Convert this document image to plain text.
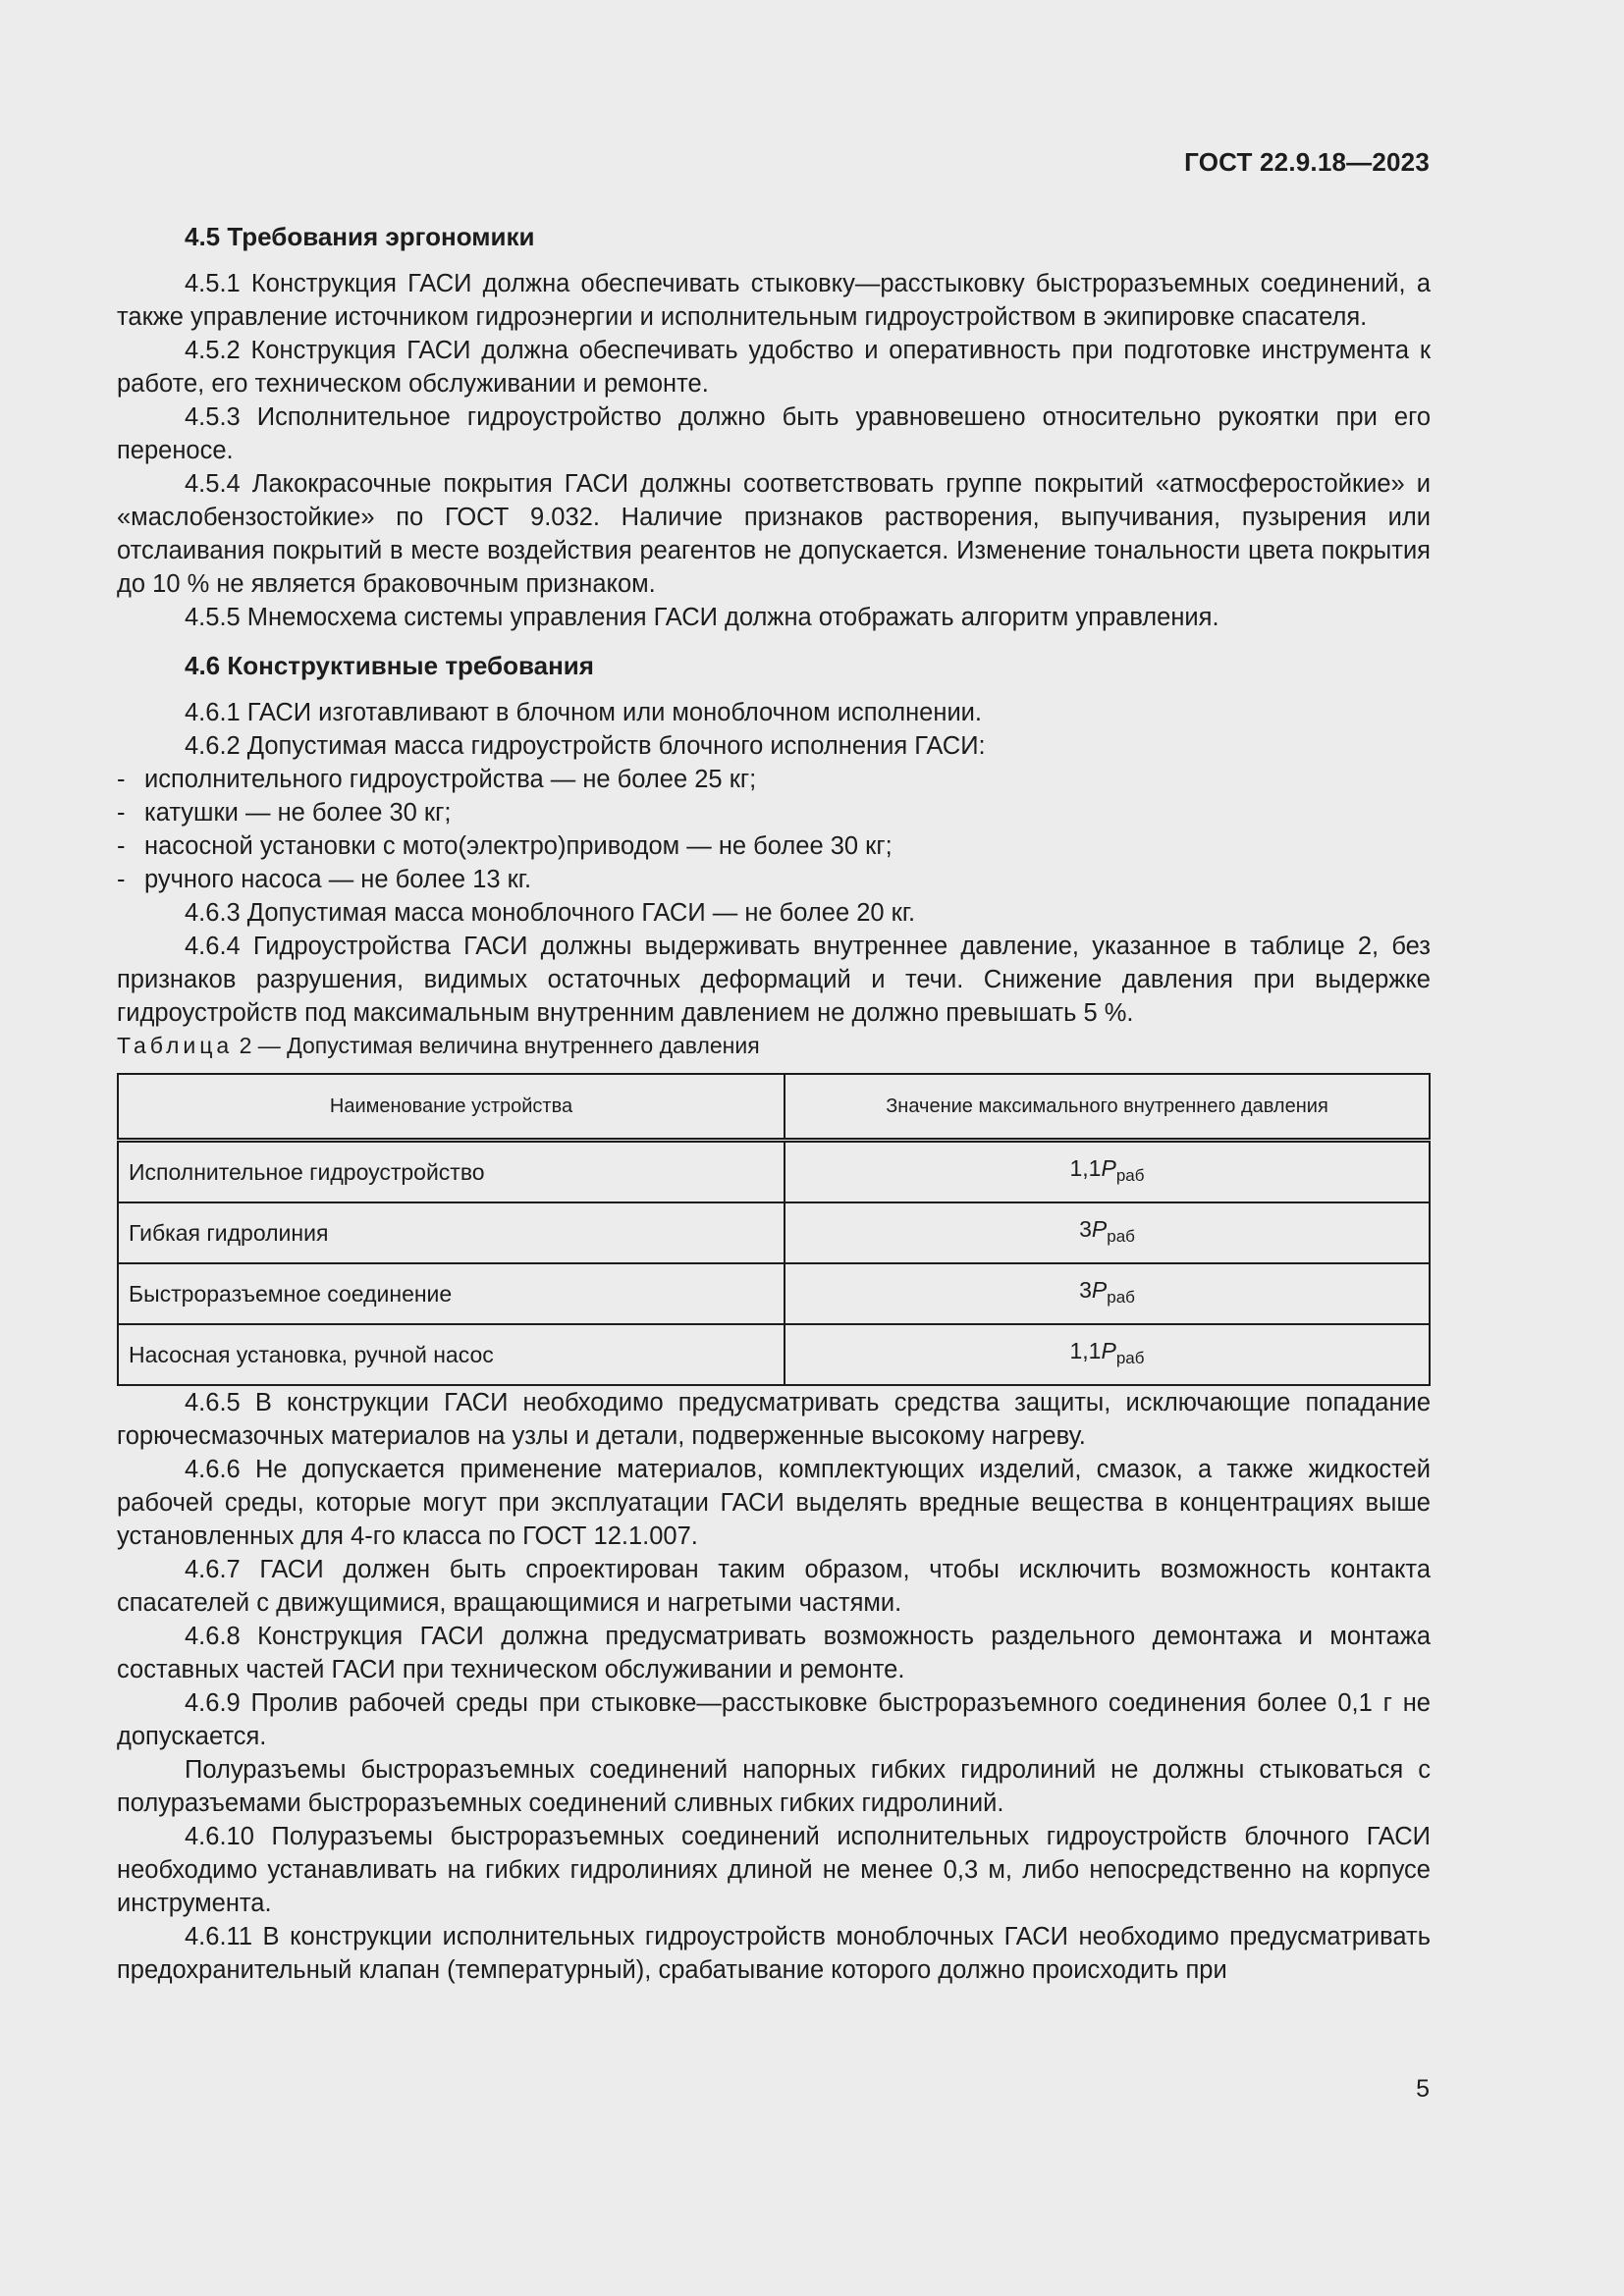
ГОСТ 22.9.18—2023
4.5 Требования эргономики

4.5.1 Конструкция ГАСИ должна обеспечивать стыковку—расстыковку быстроразъемных соединений, а также управление источником гидроэнергии и исполнительным гидроустройством в экипировке спасателя.

4.5.2 Конструкция ГАСИ должна обеспечивать удобство и оперативность при подготовке инструмента к работе, его техническом обслуживании и ремонте.

4.5.3 Исполнительное гидроустройство должно быть уравновешено относительно рукоятки при его переносе.

4.5.4 Лакокрасочные покрытия ГАСИ должны соответствовать группе покрытий «атмосферостойкие» и «маслобензостойкие» по ГОСТ 9.032. Наличие признаков растворения, выпучивания, пузырения или отслаивания покрытий в месте воздействия реагентов не допускается. Изменение тональности цвета покрытия до 10 % не является браковочным признаком.

4.5.5 Мнемосхема системы управления ГАСИ должна отображать алгоритм управления.

4.6 Конструктивные требования

4.6.1 ГАСИ изготавливают в блочном или моноблочном исполнении.

4.6.2 Допустимая масса гидроустройств блочного исполнения ГАСИ:

- исполнительного гидроустройства — не более 25 кг;

- катушки — не более 30 кг;

- насосной установки с мото(электро)приводом — не более 30 кг;

- ручного насоса — не более 13 кг.

4.6.3 Допустимая масса моноблочного ГАСИ — не более 20 кг.

4.6.4 Гидроустройства ГАСИ должны выдерживать внутреннее давление, указанное в таблице 2, без признаков разрушения, видимых остаточных деформаций и течи. Снижение давления при выдержке гидроустройств под максимальным внутренним давлением не должно превышать 5 %.

Таблица 2 — Допустимая величина внутреннего давления

Наименование устройства	Значение максимального внутреннего давления
Исполнительное гидроустройство	$1,1P_{раб}$
Гибкая гидролиния	$3P_{раб}$
Быстроразъемное соединение	$3P_{раб}$
Насосная установка, ручной насос	$1,1P_{раб}$

4.6.5 В конструкции ГАСИ необходимо предусматривать средства защиты, исключающие попадание горючесмазочных материалов на узлы и детали, подверженные высокому нагреву.

4.6.6 Не допускается применение материалов, комплектующих изделий, смазок, а также жидкостей рабочей среды, которые могут при эксплуатации ГАСИ выделять вредные вещества в концентрациях выше установленных для 4-го класса по ГОСТ 12.1.007.

4.6.7 ГАСИ должен быть спроектирован таким образом, чтобы исключить возможность контакта спасателей с движущимися, вращающимися и нагретыми частями.

4.6.8 Конструкция ГАСИ должна предусматривать возможность раздельного демонтажа и монтажа составных частей ГАСИ при техническом обслуживании и ремонте.

4.6.9 Пролив рабочей среды при стыковке—расстыковке быстроразъемного соединения более 0,1 г не допускается.

Полуразъемы быстроразъемных соединений напорных гибких гидролиний не должны стыковаться с полуразъемами быстроразъемных соединений сливных гибких гидролиний.

4.6.10 Полуразъемы быстроразъемных соединений исполнительных гидроустройств блочного ГАСИ необходимо устанавливать на гибких гидролиниях длиной не менее 0,3 м, либо непосредственно на корпусе инструмента.

4.6.11 В конструкции исполнительных гидроустройств моноблочных ГАСИ необходимо предусматривать предохранительный клапан (температурный), срабатывание которого должно происходить при

5
